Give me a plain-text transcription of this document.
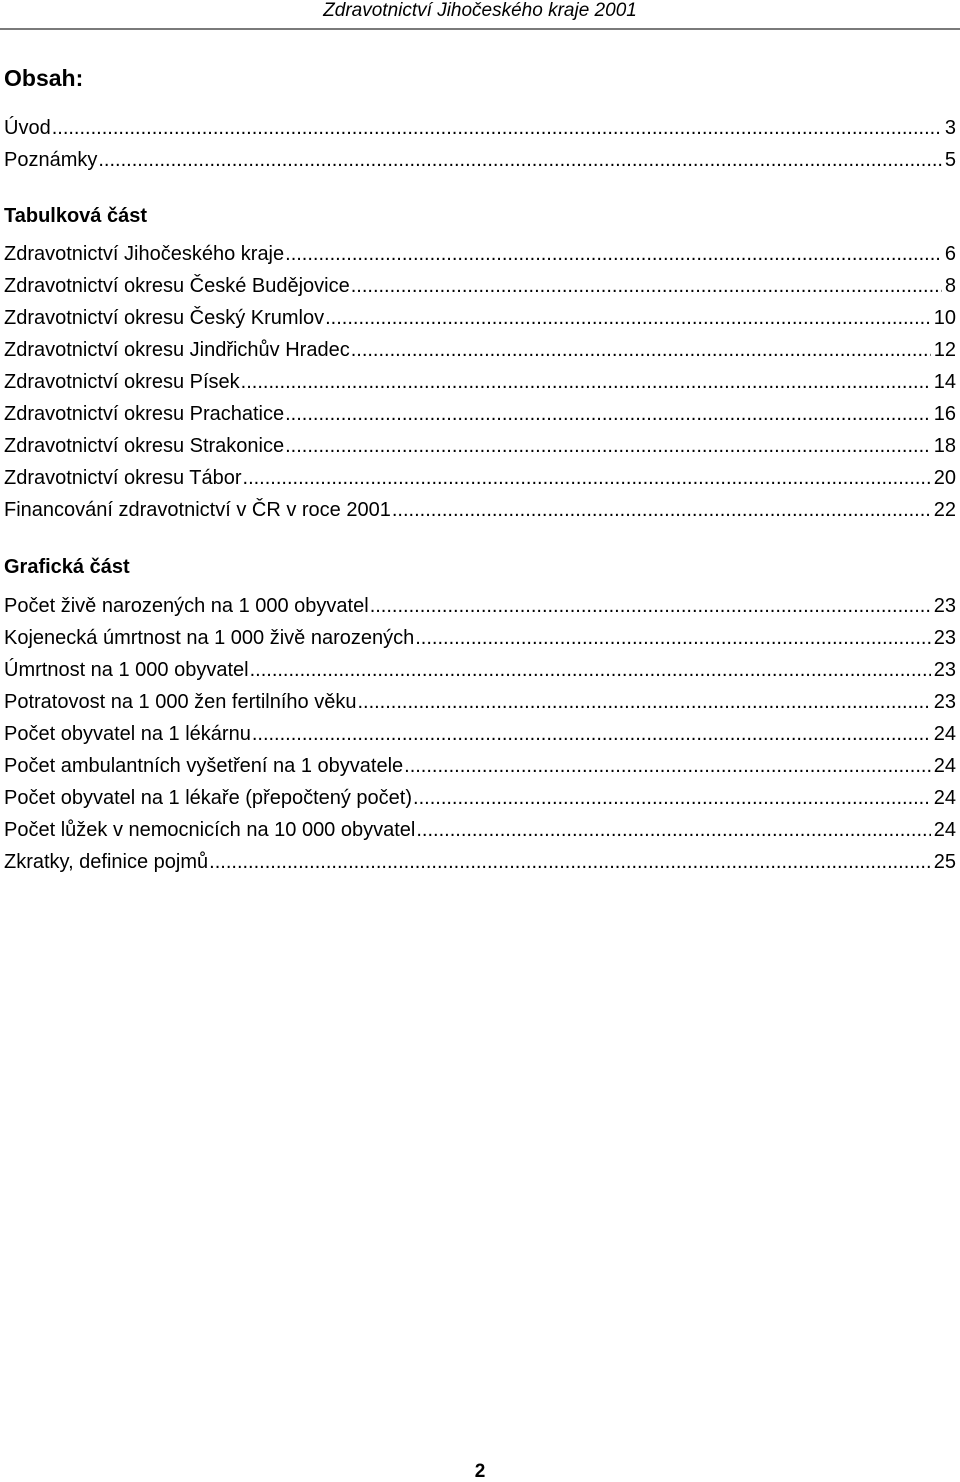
Zdravotnictví Jihočeského kraje 2001
Obsah:
Úvod .....	3
Poznámky .....	5
Tabulková část
Zdravotnictví Jihočeského kraje .....	6
Zdravotnictví okresu České Budějovice .....	8
Zdravotnictví okresu Český Krumlov .....	10
Zdravotnictví okresu Jindřichův Hradec .....	12
Zdravotnictví okresu Písek .....	14
Zdravotnictví okresu Prachatice .....	16
Zdravotnictví okresu Strakonice .....	18
Zdravotnictví okresu Tábor .....	20
Financování zdravotnictví v ČR v roce 2001 .....	22
Grafická část
Počet živě narozených na 1 000 obyvatel .....	23
Kojenecká úmrtnost na 1 000 živě narozených .....	23
Úmrtnost na 1 000 obyvatel .....	23
Potratovost na 1 000 žen fertilního věku .....	23
Počet obyvatel na 1 lékárnu .....	24
Počet ambulantních vyšetření na 1 obyvatele .....	24
Počet obyvatel na 1 lékaře (přepočtený počet) .....	24
Počet lůžek v nemocnicích na 10 000 obyvatel .....	24
Zkratky, definice pojmů .....	25
2
